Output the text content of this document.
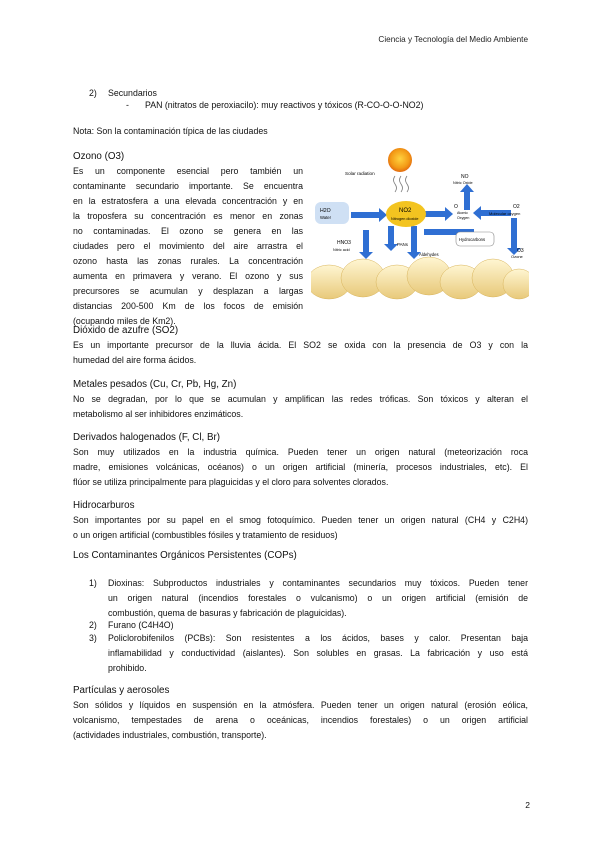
Ciencia y Tecnología del Medio Ambiente
2) Secundarios
- PAN (nitratos de peroxiacilo): muy reactivos y tóxicos (R-CO-O-O-NO2)
Nota: Son la contaminación típica de las ciudades
Ozono (O3)
Es un componente esencial pero también un
contaminante secundario importante. Se encuentra
en la estratosfera a una elevada concentración y en
la troposfera su concentración es menor en zonas
no contaminadas. El ozono se genera en las
ciudades pero el movimiento del aire arrastra el
ozono hasta las zonas rurales. La concentración
aumenta en primavera y verano. El ozono y sus
precursores se acumulan y desplazan a largas
distancias 200-500 Km de los focos de emisión
(ocupando miles de Km2).
Solar radiation
H2O
Water
NO2
Nitrogen dioxide
NO
Nitric Oxide
O
Atomic
Oxygen
O2
Molecular oxygen
Hydrocarbons
HNO3
Nitric acid
PANs
Aldehydes
O3
Ozone
Dióxido de azufre (SO2)
Es un importante precursor de la lluvia ácida. El SO2 se oxida con la presencia de O3 y con la
humedad del aire forma ácidos.
Metales pesados (Cu, Cr, Pb, Hg, Zn)
No se degradan, por lo que se acumulan y amplifican las redes tróficas. Son tóxicos y alteran el
metabolismo al ser inhibidores enzimáticos.
Derivados halogenados (F, Cl, Br)
Son muy utilizados en la industria química. Pueden tener un origen natural (meteorización roca
madre, emisiones volcánicas, océanos) o un origen artificial (minería, procesos industriales, etc). El
flúor se utiliza principalmente para plaguicidas y el cloro para solventes clorados.
Hidrocarburos
Son importantes por su papel en el smog fotoquímico. Pueden tener un origen natural (CH4 y C2H4)
o un origen artificial (combustibles fósiles y tratamiento de residuos)
Los Contaminantes Orgánicos Persistentes (COPs)
1) Dioxinas: Subproductos industriales y contaminantes secundarios muy tóxicos. Pueden tener
un origen natural (incendios forestales o vulcanismo) o un origen artificial (emisión de
combustión, quema de basuras y fabricación de plaguicidas).
2) Furano (C4H4O)
3) Policlorobifenilos (PCBs): Son resistentes a los ácidos, bases y calor. Presentan baja
inflamabilidad y conductividad (aislantes). Son solubles en grasas. La fabricación y uso está
prohibido.
Partículas y aerosoles
Son sólidos y líquidos en suspensión en la atmósfera. Pueden tener un origen natural (erosión eólica,
volcanismo, tempestades de arena o oceánicas, incendios forestales) o un origen artificial
(actividades industriales, combustión, transporte).
2
